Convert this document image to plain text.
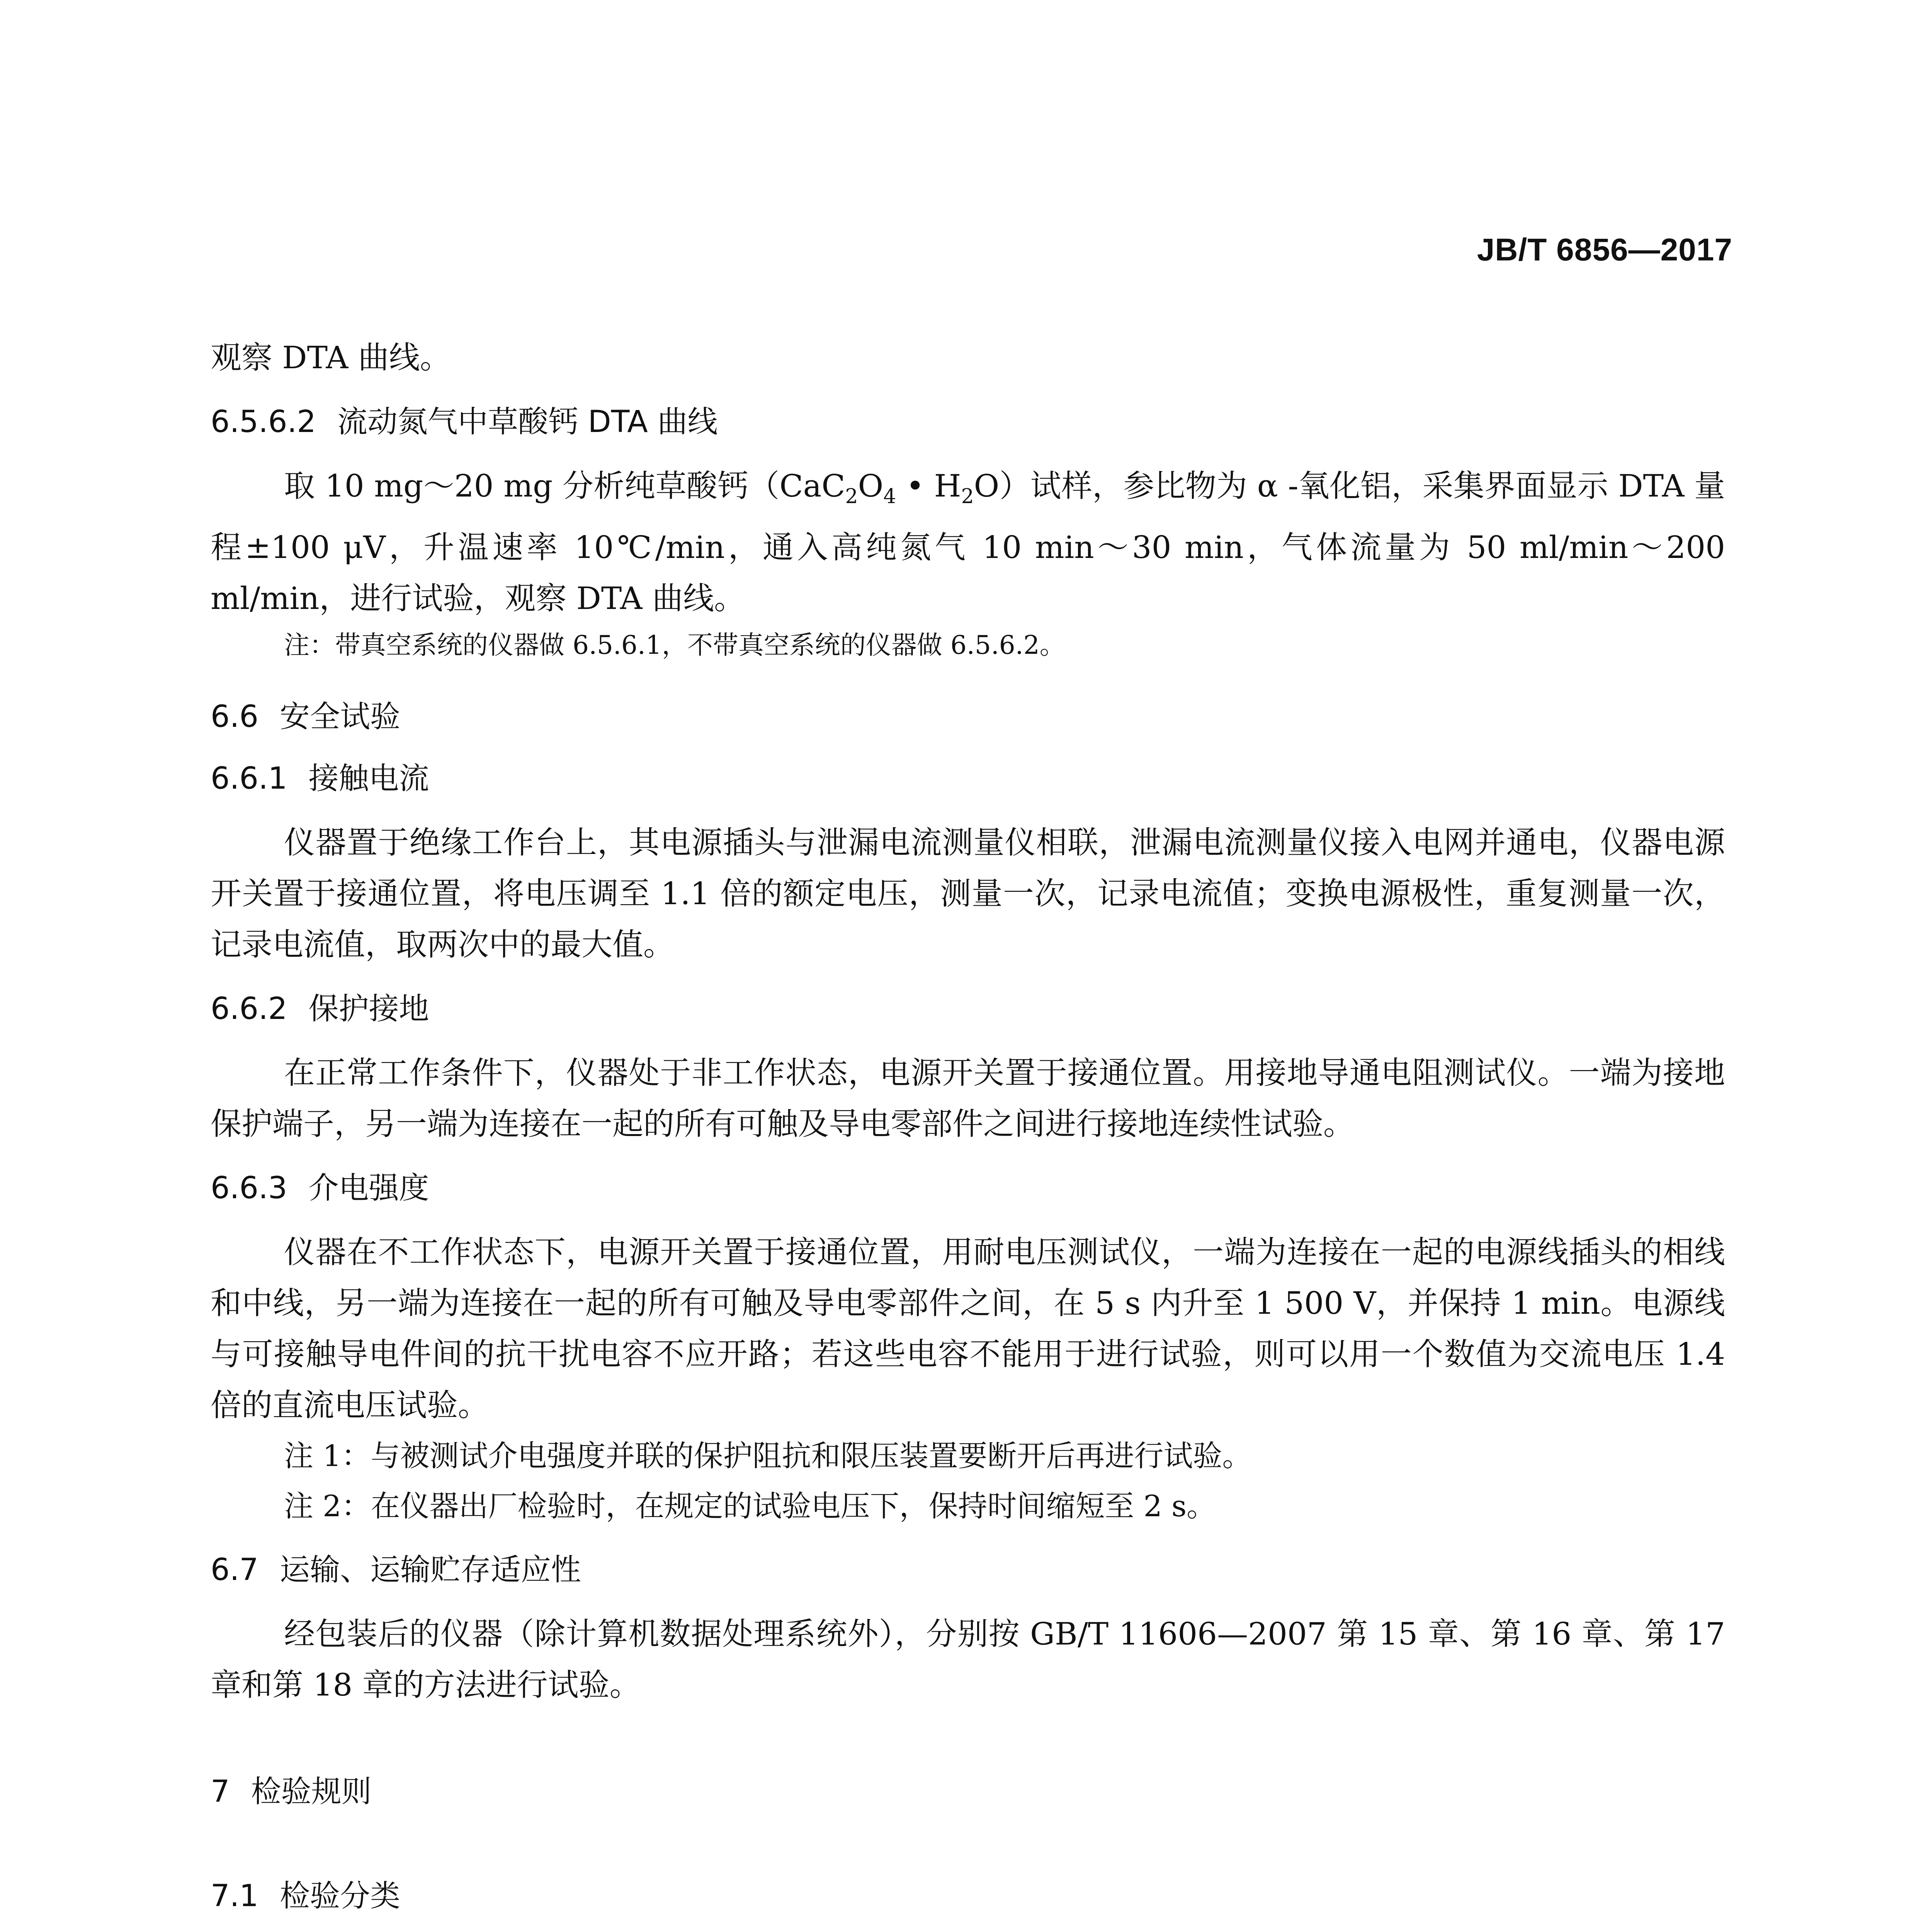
JB/T 6856—2017

观察 DTA 曲线。

6.5.6.2 流动氮气中草酸钙 DTA 曲线

取 10 mg～20 mg 分析纯草酸钙（$CaC_2O_4$ • $H_2O$）试样，参比物为 α -氧化铝，采集界面显示 DTA 量程±100 μV，升温速率 10℃/min，通入高纯氮气 10 min～30 min，气体流量为 50 ml/min～200 ml/min，进行试验，观察 DTA 曲线。

注：带真空系统的仪器做 6.5.6.1，不带真空系统的仪器做 6.5.6.2。

6.6 安全试验

6.6.1 接触电流

仪器置于绝缘工作台上，其电源插头与泄漏电流测量仪相联，泄漏电流测量仪接入电网并通电，仪器电源开关置于接通位置，将电压调至 1.1 倍的额定电压，测量一次，记录电流值；变换电源极性，重复测量一次，记录电流值，取两次中的最大值。

6.6.2 保护接地

在正常工作条件下，仪器处于非工作状态，电源开关置于接通位置。用接地导通电阻测试仪。一端为接地保护端子，另一端为连接在一起的所有可触及导电零部件之间进行接地连续性试验。

6.6.3 介电强度

仪器在不工作状态下，电源开关置于接通位置，用耐电压测试仪，一端为连接在一起的电源线插头的相线和中线，另一端为连接在一起的所有可触及导电零部件之间，在 5 s 内升至 1 500 V，并保持 1 min。电源线与可接触导电件间的抗干扰电容不应开路；若这些电容不能用于进行试验，则可以用一个数值为交流电压 1.4 倍的直流电压试验。

注 1：与被测试介电强度并联的保护阻抗和限压装置要断开后再进行试验。

注 2：在仪器出厂检验时，在规定的试验电压下，保持时间缩短至 2 s。

6.7 运输、运输贮存适应性

经包装后的仪器（除计算机数据处理系统外），分别按 GB/T 11606—2007 第 15 章、第 16 章、第 17 章和第 18 章的方法进行试验。

7 检验规则

7.1 检验分类
